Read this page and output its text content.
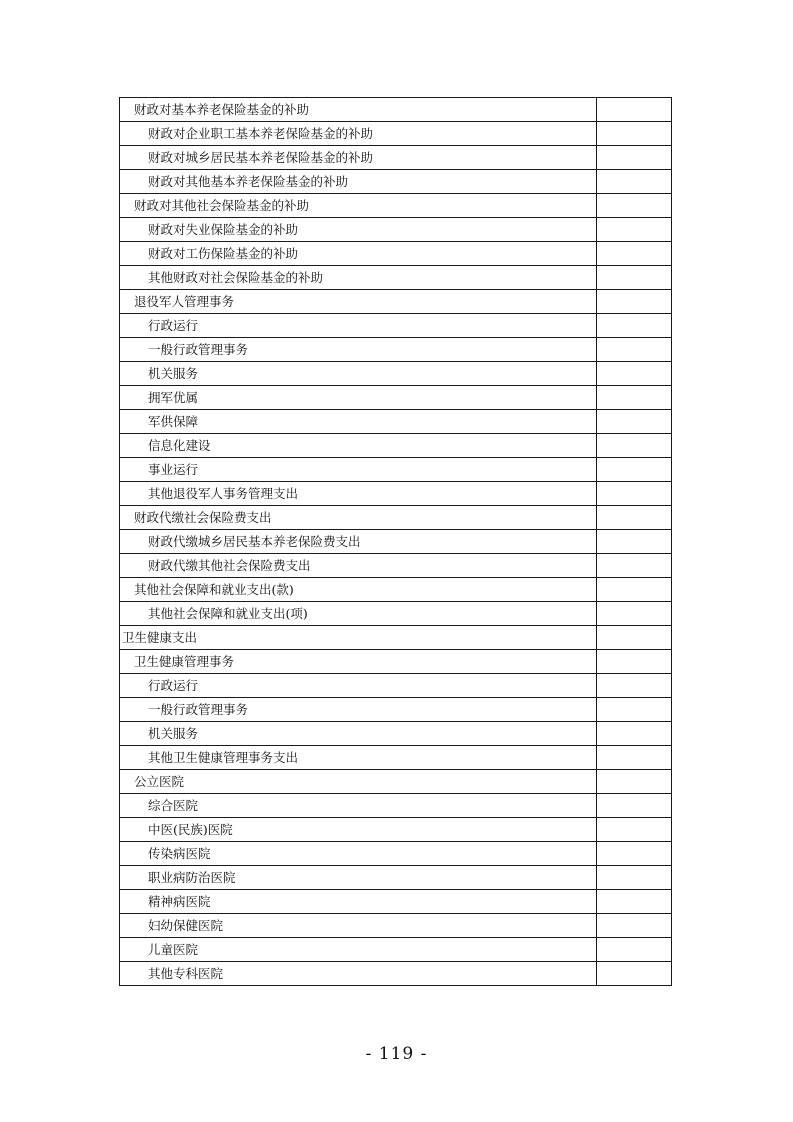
财政对基本养老保险基金的补助	
财政对企业职工基本养老保险基金的补助	
财政对城乡居民基本养老保险基金的补助	
财政对其他基本养老保险基金的补助	
财政对其他社会保险基金的补助	
财政对失业保险基金的补助	
财政对工伤保险基金的补助	
其他财政对社会保险基金的补助	
退役军人管理事务	
行政运行	
一般行政管理事务	
机关服务	
拥军优属	
军供保障	
信息化建设	
事业运行	
其他退役军人事务管理支出	
财政代缴社会保险费支出	
财政代缴城乡居民基本养老保险费支出	
财政代缴其他社会保险费支出	
其他社会保障和就业支出(款)	
其他社会保障和就业支出(项)	
卫生健康支出	
卫生健康管理事务	
行政运行	
一般行政管理事务	
机关服务	
其他卫生健康管理事务支出	
公立医院	
综合医院	
中医(民族)医院	
传染病医院	
职业病防治医院	
精神病医院	
妇幼保健医院	
儿童医院	
其他专科医院	
- 119 -
